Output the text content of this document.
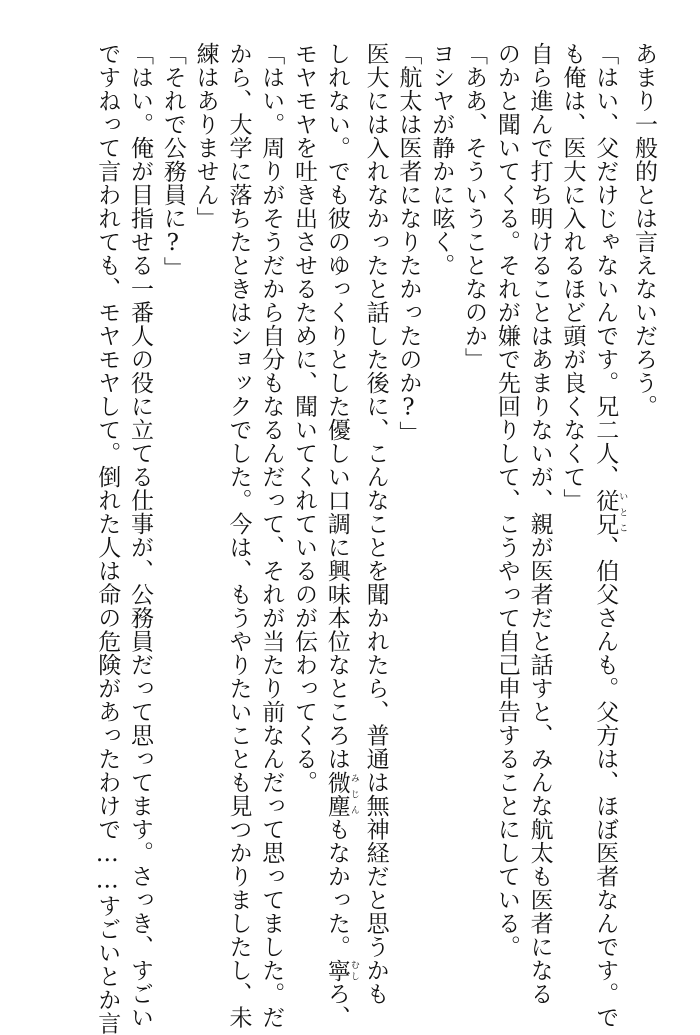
あまり一般的とは言えないだろう。
「はい、父だけじゃないんです。兄二人、従兄 いとこ、伯父さんも。父方は、ほぼ医者なんです。で
も俺は、医大に入れるほど頭が良くなくて」
自ら進んで打ち明けることはあまりないが、親が医者だと話すと、みんな航太も医者になる
のかと聞いてくる。それが嫌で先回りして、こうやって自己申告することにしている。
「ああ、そういうことなのか」
ヨシヤが静かに呟く。
「航太は医者になりたかったのか?」
医大には入れなかったと話した後に、こんなことを聞かれたら、普通は無神経だと思うかも
しれない。でも彼のゆっくりとした優しい口調に興味本位なところは微塵 みじんもなかった。寧 むしろ、
モヤモヤを吐き出させるために、聞いてくれているのが伝わってくる。
「はい。周りがそうだから自分もなるんだって、それが当たり前なんだって思ってました。だ
から、大学に落ちたときはショックでした。今は、もうやりたいことも見つかりましたし、未
練はありません」
「それで公務員に?」
「はい。俺が目指せる一番人の役に立てる仕事が、公務員だって思ってます。さっき、すごい
ですねって言われても、モヤモヤして。倒れた人は命の危険があったわけで……すごいとか言
